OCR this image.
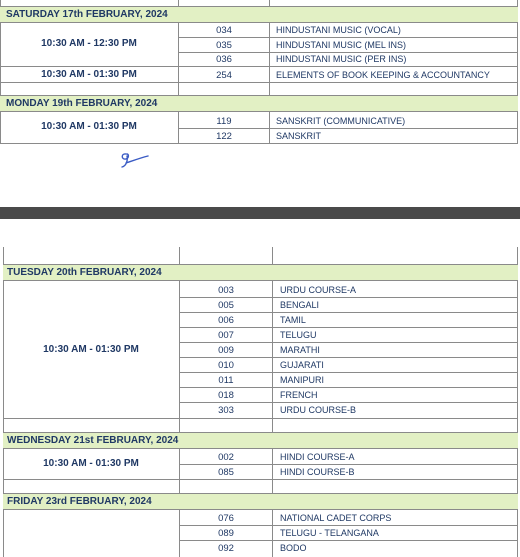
SATURDAY 17th FEBRUARY, 2024
10:30 AM - 12:30 PM
034	HINDUSTANI MUSIC (VOCAL)
035	HINDUSTANI MUSIC (MEL INS)
036	HINDUSTANI MUSIC (PER INS)
10:30 AM - 01:30 PM	254	ELEMENTS OF BOOK KEEPING & ACCOUNTANCY
MONDAY 19th FEBRUARY, 2024
10:30 AM - 01:30 PM	119	SANSKRIT (COMMUNICATIVE)
122	SANSKRIT
TUESDAY 20th FEBRUARY, 2024
10:30 AM - 01:30 PM
003	URDU COURSE-A
005	BENGALI
006	TAMIL
007	TELUGU
009	MARATHI
010	GUJARATI
011	MANIPURI
018	FRENCH
303	URDU COURSE-B
WEDNESDAY 21st FEBRUARY, 2024
10:30 AM - 01:30 PM
002	HINDI COURSE-A
085	HINDI COURSE-B
FRIDAY 23rd FEBRUARY, 2024
076	NATIONAL CADET CORPS
089	TELUGU - TELANGANA
092	BODO
